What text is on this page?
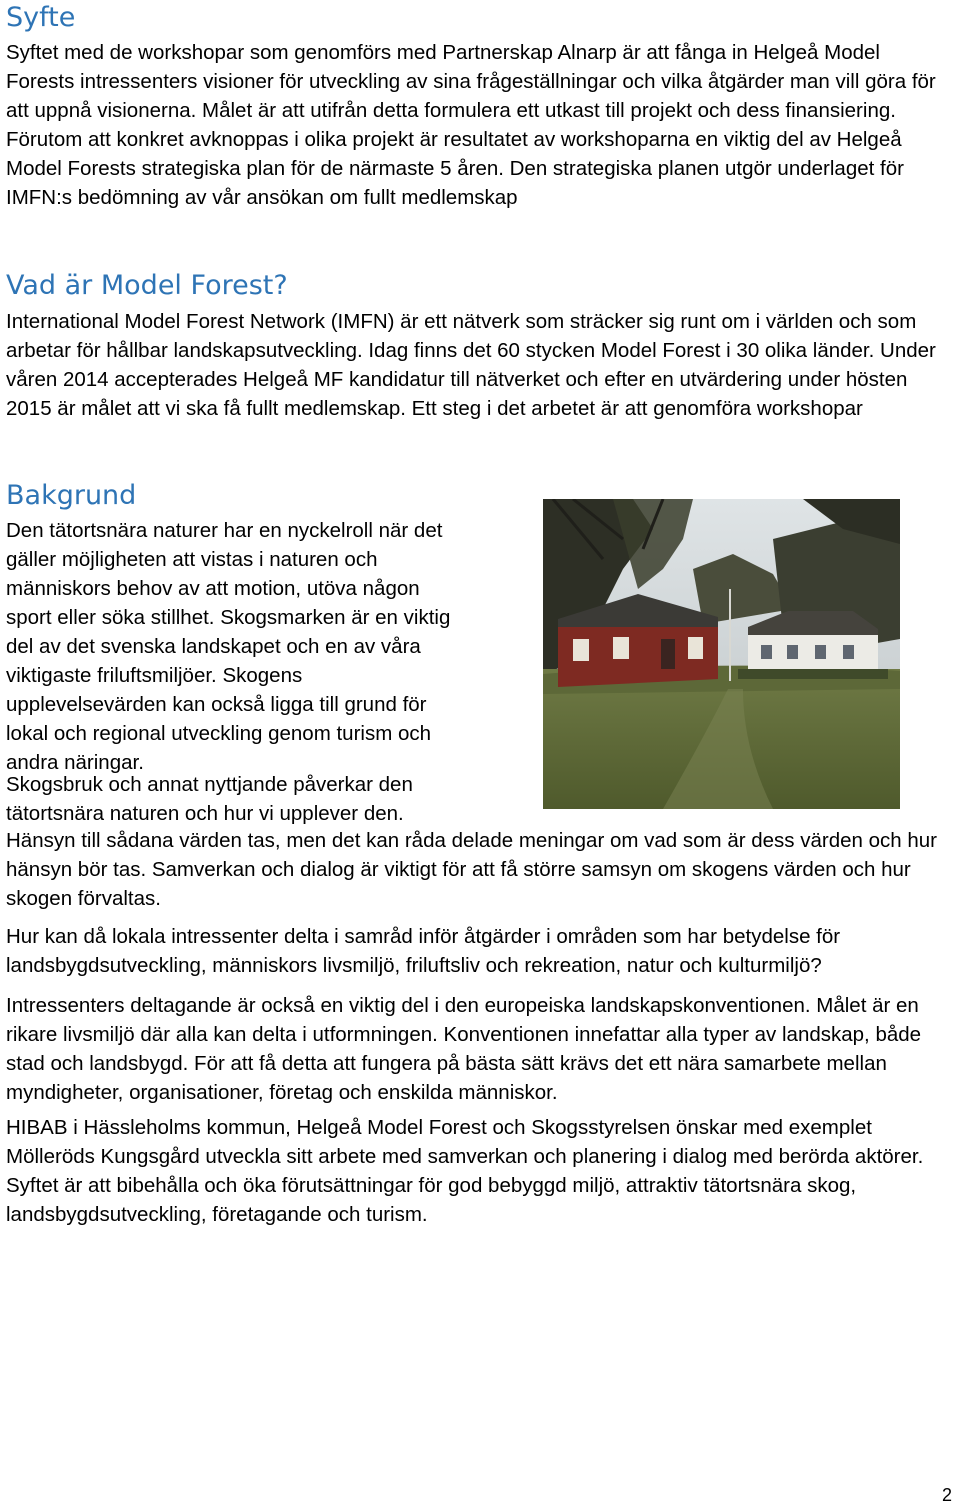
Syfte

Syftet med de workshopar som genomförs med Partnerskap Alnarp är att fånga in Helgeå Model Forests intressenters visioner för utveckling av sina frågeställningar och vilka åtgärder man vill göra för att uppnå visionerna. Målet är att utifrån detta formulera ett utkast till projekt och dess finansiering. Förutom att konkret avknoppas i olika projekt är resultatet av workshoparna en viktig del av Helgeå Model Forests strategiska plan för de närmaste 5 åren. Den strategiska planen utgör underlaget för IMFN:s bedömning av vår ansökan om fullt medlemskap

Vad är Model Forest?

International Model Forest Network (IMFN) är ett nätverk som sträcker sig runt om i världen och som arbetar för hållbar landskapsutveckling. Idag finns det 60 stycken Model Forest i 30 olika länder. Under våren 2014 accepterades Helgeå MF kandidatur till nätverket och efter en utvärdering under hösten 2015 är målet att vi ska få fullt medlemskap. Ett steg i det arbetet är att genomföra workshopar

Bakgrund

Den tätortsnära naturer har en nyckelroll när det

gäller möjligheten att vistas i naturen och

människors behov av att motion, utöva någon

sport eller söka stillhet. Skogsmarken är en viktig

del av det svenska landskapet och en av våra

viktigaste friluftsmiljöer. Skogens

upplevelsevärden kan också ligga till grund för

lokal och regional utveckling genom turism och

andra näringar.

Skogsbruk och annat nyttjande påverkar den

tätortsnära naturen och hur vi upplever den.

Hänsyn till sådana värden tas, men det kan råda delade meningar om vad som är dess värden och hur hänsyn bör tas. Samverkan och dialog är viktigt för att få större samsyn om skogens värden och hur skogen förvaltas.

Hur kan då lokala intressenter delta i samråd inför åtgärder i områden som har betydelse för landsbygdsutveckling, människors livsmiljö, friluftsliv och rekreation, natur och kulturmiljö?

Intressenters deltagande är också en viktig del i den europeiska landskapskonventionen. Målet är en rikare livsmiljö där alla kan delta i utformningen. Konventionen innefattar alla typer av landskap, både stad och landsbygd. För att få detta att fungera på bästa sätt krävs det ett nära samarbete mellan myndigheter, organisationer, företag och enskilda människor.

HIBAB i Hässleholms kommun, Helgeå Model Forest och Skogsstyrelsen önskar med exemplet Mölleröds Kungsgård utveckla sitt arbete med samverkan och planering i dialog med berörda aktörer. Syftet är att bibehålla och öka förutsättningar för god bebyggd miljö, attraktiv tätortsnära skog, landsbygdsutveckling, företagande och turism.

2
